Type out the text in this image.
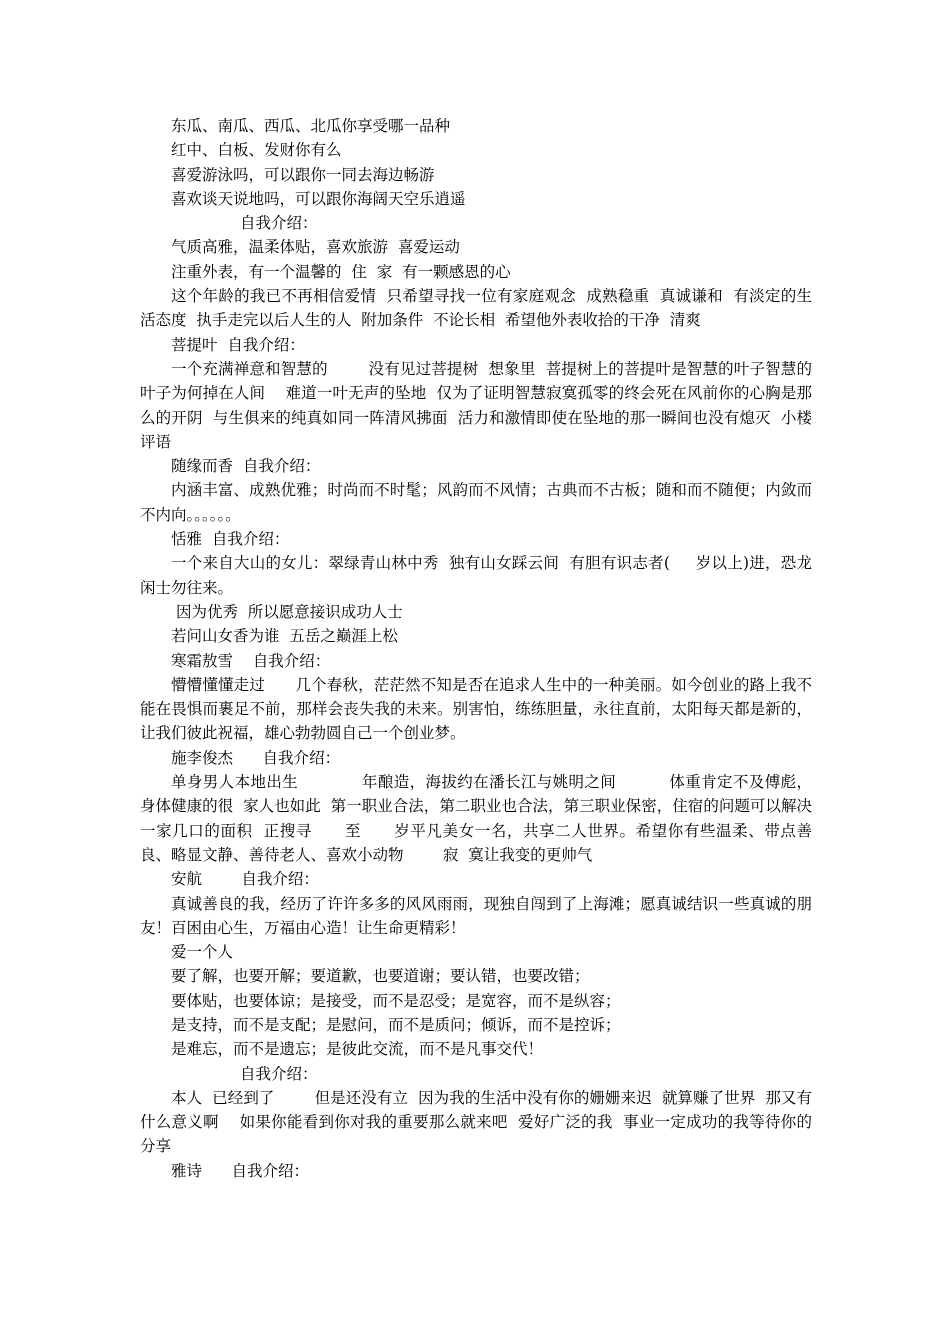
东瓜、南瓜、西瓜、北瓜你享受哪一品种

红中、白板、发财你有么

喜爱游泳吗，可以跟你一同去海边畅游

喜欢谈天说地吗，可以跟你海阔天空乐逍遥

自我介绍：

气质高雅，温柔体贴，喜欢旅游  喜爱运动

注重外表，有一个温馨的  住  家  有一颗感恩的心

这个年龄的我已不再相信爱情  只希望寻找一位有家庭观念  成熟稳重  真诚谦和  有淡定的生活态度  执手走完以后人生的人  附加条件  不论长相  希望他外表收拾的干净  清爽

菩提叶  自我介绍：

一个充满禅意和智慧的        没有见过菩提树  想象里  菩提树上的菩提叶是智慧的叶子智慧的叶子为何掉在人间    难道一叶无声的坠地  仅为了证明智慧寂寞孤零的终会死在风前你的心胸是那么的开阴  与生俱来的纯真如同一阵清风拂面  活力和激情即使在坠地的那一瞬间也没有熄灭  小楼评语

随缘而香  自我介绍：

内涵丰富、成熟优雅；时尚而不时髦；风韵而不风情；古典而不古板；随和而不随便；内敛而不内向。。。。。。

恬雅  自我介绍：

一个来自大山的女儿：翠绿青山林中秀  独有山女踩云间  有胆有识志者(     岁以上)进，恐龙闲士勿往来。

因为优秀  所以愿意接识成功人士

若问山女香为谁  五岳之巅涯上松

寒霜敖雪    自我介绍：

懵懵懂懂走过      几个春秋，茫茫然不知是否在追求人生中的一种美丽。如今创业的路上我不能在畏惧而裹足不前，那样会丧失我的未来。别害怕，练练胆量，永往直前，太阳每天都是新的，让我们彼此祝福，雄心勃勃圆自己一个创业梦。

施李俊杰      自我介绍：

单身男人本地出生            年酿造，海拔约在潘长江与姚明之间          体重肯定不及傅彪，      身体健康的很  家人也如此  第一职业合法，第二职业也合法，第三职业保密，住宿的问题可以解决一家几口的面积  正搜寻      至      岁平凡美女一名，共享二人世界。希望你有些温柔、带点善良、略显文静、善待老人、喜欢小动物        寂  寞让我变的更帅气

安航        自我介绍：

真诚善良的我，经历了许许多多的风风雨雨，现独自闯到了上海滩；愿真诚结识一些真诚的朋友！百困由心生，万福由心造！让生命更精彩！

爱一个人

要了解，也要开解；要道歉，也要道谢；要认错，也要改错；

要体贴，也要体谅；是接受，而不是忍受；是宽容，而不是纵容；

是支持，而不是支配；是慰问，而不是质问；倾诉，而不是控诉；

是难忘，而不是遗忘；是彼此交流，而不是凡事交代！

自我介绍：

本人  已经到了        但是还没有立  因为我的生活中没有你的姗姗来迟  就算赚了世界  那又有什么意义啊    如果你能看到你对我的重要那么就来吧  爱好广泛的我  事业一定成功的我等待你的分享

雅诗      自我介绍：
